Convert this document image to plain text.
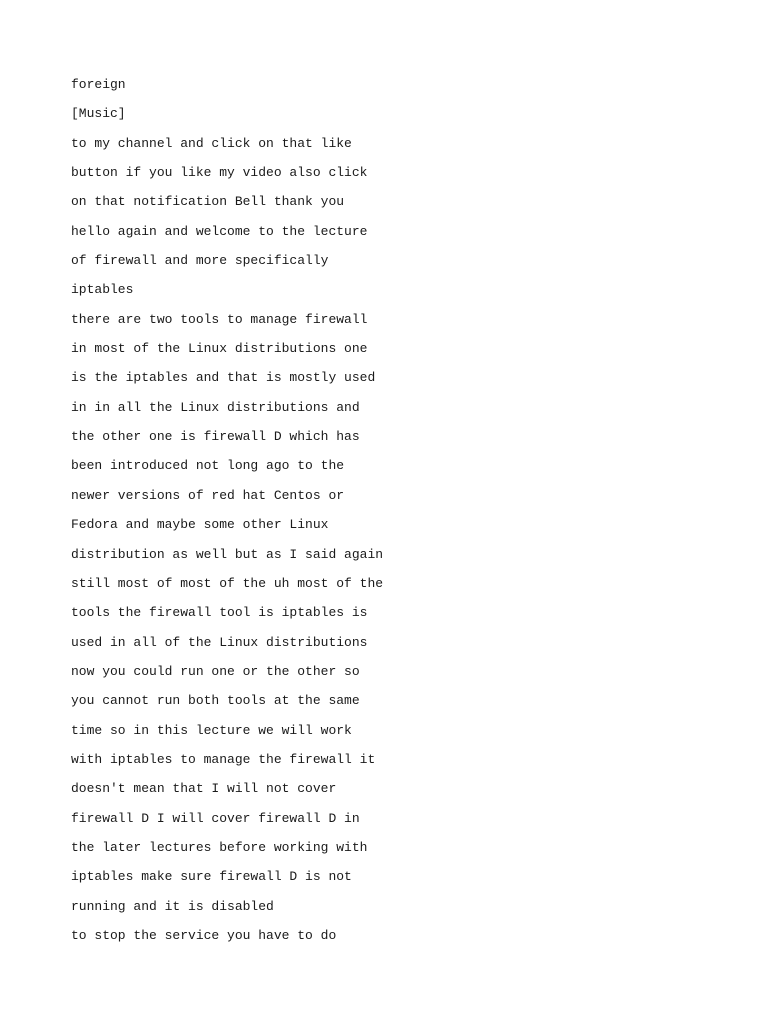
foreign
[Music]
to my channel and click on that like
button if you like my video also click
on that notification Bell thank you
hello again and welcome to the lecture
of firewall and more specifically
iptables
there are two tools to manage firewall
in most of the Linux distributions one
is the iptables and that is mostly used
in in all the Linux distributions and
the other one is firewall D which has
been introduced not long ago to the
newer versions of red hat Centos or
Fedora and maybe some other Linux
distribution as well but as I said again
still most of most of the uh most of the
tools the firewall tool is iptables is
used in all of the Linux distributions
now you could run one or the other so
you cannot run both tools at the same
time so in this lecture we will work
with iptables to manage the firewall it
doesn't mean that I will not cover
firewall D I will cover firewall D in
the later lectures before working with
iptables make sure firewall D is not
running and it is disabled
to stop the service you have to do
